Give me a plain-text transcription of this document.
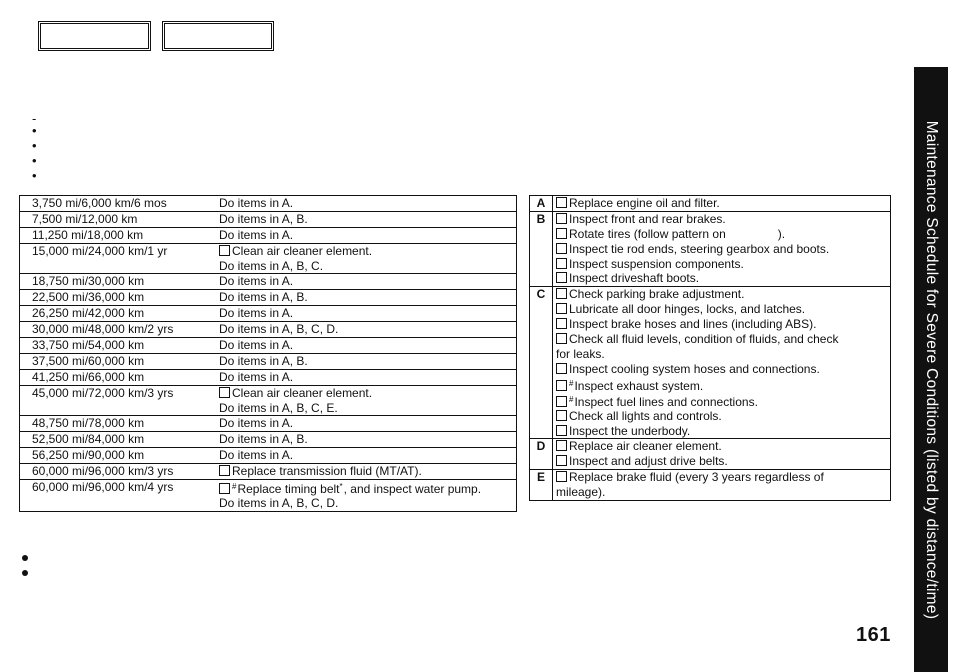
-
•
•
•
•
3,750 mi/6,000 km/6 mos	Do items in A.
7,500 mi/12,000 km	Do items in A, B.
11,250 mi/18,000 km	Do items in A.
15,000 mi/24,000 km/1 yr	Clean air cleaner element.
	Do items in A, B, C.
18,750 mi/30,000 km	Do items in A.
22,500 mi/36,000 km	Do items in A, B.
26,250 mi/42,000 km	Do items in A.
30,000 mi/48,000 km/2 yrs	Do items in A, B, C, D.
33,750 mi/54,000 km	Do items in A.
37,500 mi/60,000 km	Do items in A, B.
41,250 mi/66,000 km	Do items in A.
45,000 mi/72,000 km/3 yrs	Clean air cleaner element.
	Do items in A, B, C, E.
48,750 mi/78,000 km	Do items in A.
52,500 mi/84,000 km	Do items in A, B.
56,250 mi/90,000 km	Do items in A.
60,000 mi/96,000 km/3 yrs	Replace transmission fluid (MT/AT).
60,000 mi/96,000 km/4 yrs	#Replace timing belt*, and inspect water pump.
	Do items in A, B, C, D.
A	Replace engine oil and filter.
B	Inspect front and rear brakes.
	Rotate tires (follow pattern on ).
	Inspect tie rod ends, steering gearbox and boots.
	Inspect suspension components.
	Inspect driveshaft boots.
C	Check parking brake adjustment.
	Lubricate all door hinges, locks, and latches.
	Inspect brake hoses and lines (including ABS).
	Check all fluid levels, condition of fluids, and check
	for leaks.
	Inspect cooling system hoses and connections.
	#Inspect exhaust system.
	#Inspect fuel lines and connections.
	Check all lights and controls.
	Inspect the underbody.
D	Replace air cleaner element.
	Inspect and adjust drive belts.
E	Replace brake fluid (every 3 years regardless of
	mileage).	Maintenance Schedule for Severe Conditions (listed by distance/time)
161
